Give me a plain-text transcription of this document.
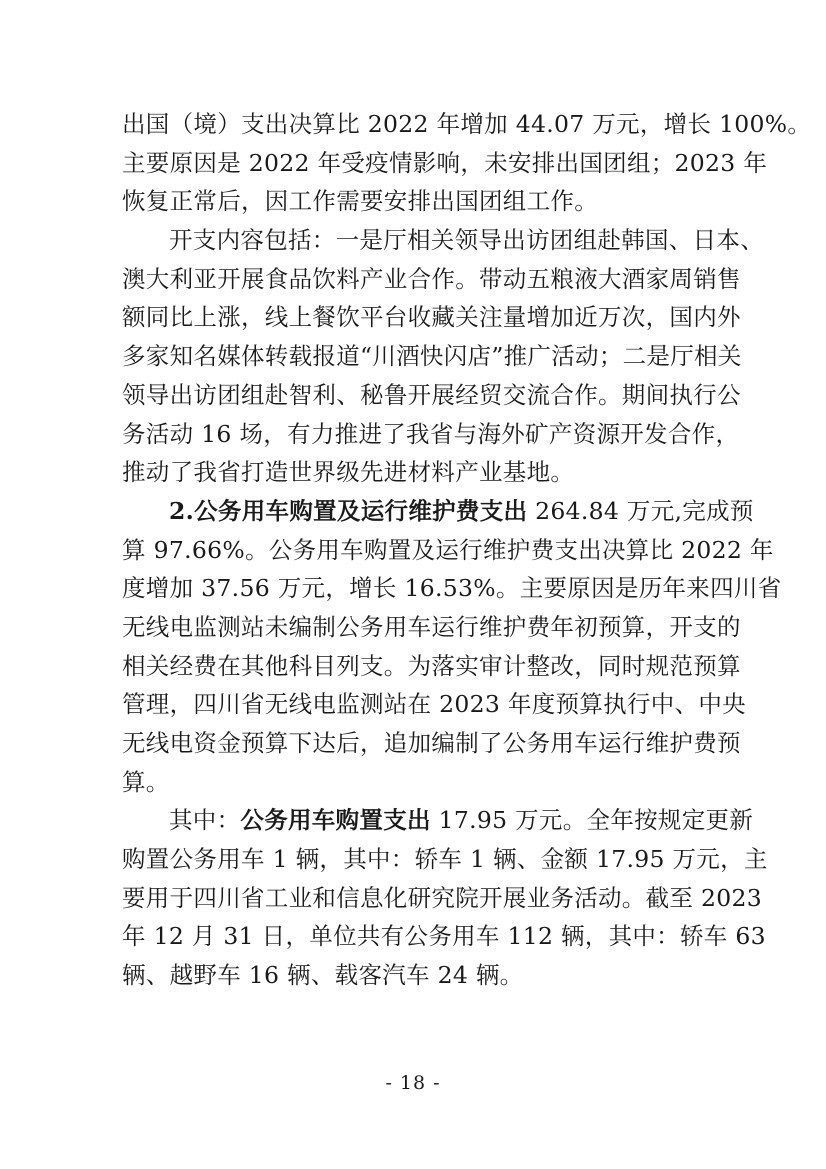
出国（境）支出决算比 2022 年增加 44.07 万元，增长 100%。
主要原因是 2022 年受疫情影响，未安排出国团组；2023 年
恢复正常后，因工作需要安排出国团组工作。
开支内容包括：一是厅相关领导出访团组赴韩国、日本、
澳大利亚开展食品饮料产业合作。带动五粮液大酒家周销售
额同比上涨，线上餐饮平台收藏关注量增加近万次，国内外
多家知名媒体转载报道“川酒快闪店”推广活动；二是厅相关
领导出访团组赴智利、秘鲁开展经贸交流合作。期间执行公
务活动 16 场，有力推进了我省与海外矿产资源开发合作，
推动了我省打造世界级先进材料产业基地。
2.公务用车购置及运行维护费支出 264.84 万元,完成预
算 97.66%。公务用车购置及运行维护费支出决算比 2022 年
度增加 37.56 万元，增长 16.53%。主要原因是历年来四川省
无线电监测站未编制公务用车运行维护费年初预算，开支的
相关经费在其他科目列支。为落实审计整改，同时规范预算
管理，四川省无线电监测站在 2023 年度预算执行中、中央
无线电资金预算下达后，追加编制了公务用车运行维护费预
算。
其中：公务用车购置支出 17.95 万元。全年按规定更新
购置公务用车 1 辆，其中：轿车 1 辆、金额 17.95 万元，主
要用于四川省工业和信息化研究院开展业务活动。截至 2023
年 12 月 31 日，单位共有公务用车 112 辆，其中：轿车 63
辆、越野车 16 辆、载客汽车 24 辆。
- 18 -
